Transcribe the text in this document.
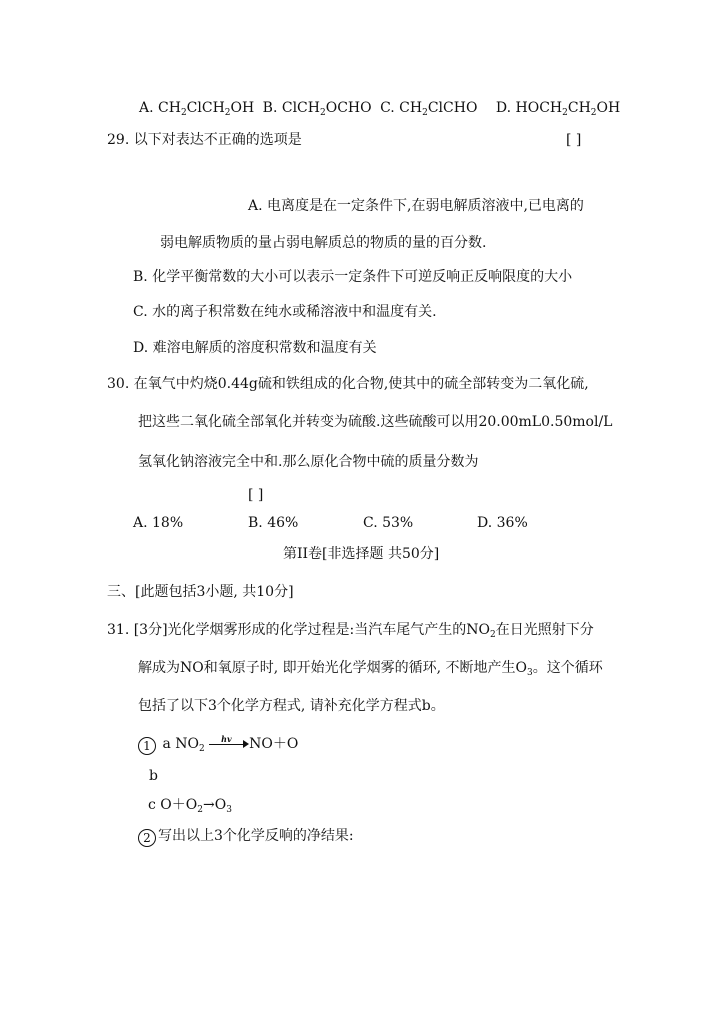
A. $CH_2ClCH_2OH$ B. ClCH$_2$OCHO C. $CH_2ClCHO$ D. $HOCH_2CH_2OH$
29. 以下对表达不正确的选项是	[ ]
A. 电离度是在一定条件下,在弱电解质溶液中,已电离的
弱电解质物质的量占弱电解质总的物质的量的百分数.
B. 化学平衡常数的大小可以表示一定条件下可逆反响正反响限度的大小
C. 水的离子积常数在纯水或稀溶液中和温度有关.
D. 难溶电解质的溶度积常数和温度有关
30. 在氧气中灼烧0.44g硫和铁组成的化合物,使其中的硫全部转变为二氧化硫,
把这些二氧化硫全部氧化并转变为硫酸.这些硫酸可以用20.00mL0.50mol/L
氢氧化钠溶液完全中和.那么原化合物中硫的质量分数为
[ ]
A. 18%	B. 46%	C. 53%	D. 36%
第II卷[非选择题 共50分]
三、[此题包括3小题, 共10分]
31. [3分]光化学烟雾形成的化学过程是:当汽车尾气产生的$NO_2$在日光照射下分
解成为NO和氧原子时, 即开始光化学烟雾的循环, 不断地产生$O_3$。这个循环
包括了以下3个化学方程式, 请补充化学方程式b。
1 a $NO_2$
hv NO＋O
b
c $O+O_2\to O_3$
2 写出以上3个化学反响的净结果:
